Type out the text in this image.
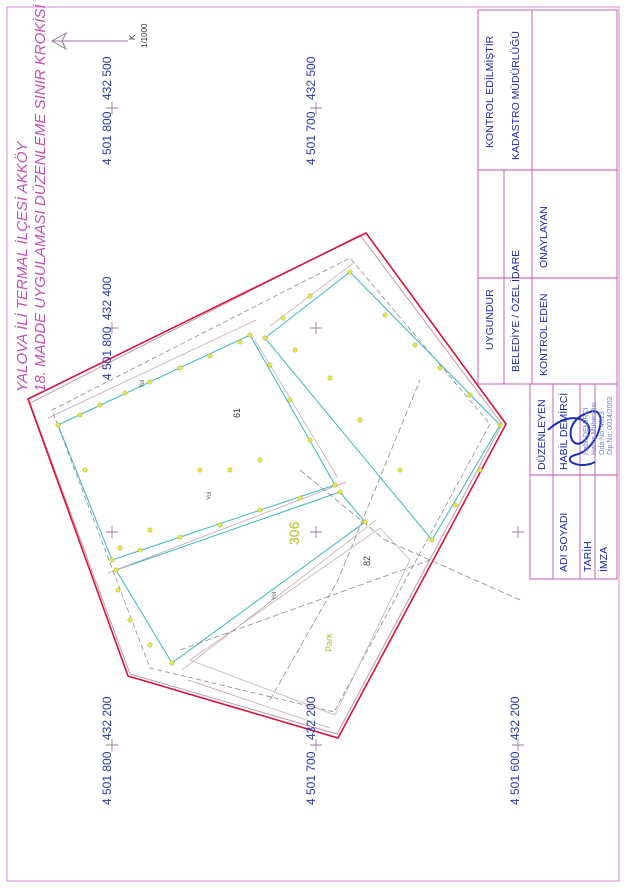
YALOVA İLİ TERMAL İLÇESİ AKKÖY 18. MADDE UYGULAMASI DÜZENLEME SINIR KROKİSİ	K 1/1000
4 501 800
432 500
4 501 700
432 500
4 501 800
432 400
4 501 800
432 200
4 501 700
432 200
4 501 600
432 200
306
61
82
Park
Yol
Yol
Yol
KONTROL EDİLMİŞTİR
UYGUNDUR
KADASTRO MÜDÜRLÜĞÜ
BELEDİYE / ÖZEL İDARE
ONAYLAYAN
KONTROL EDEN
DÜZENLEYEN HABİL DEMİRCİ
ADI SOYADI TARİH İMZA
Habil DEMİRCİ Harita Mühendisi Oda No: 4313 Dip.No: 0014/2003
